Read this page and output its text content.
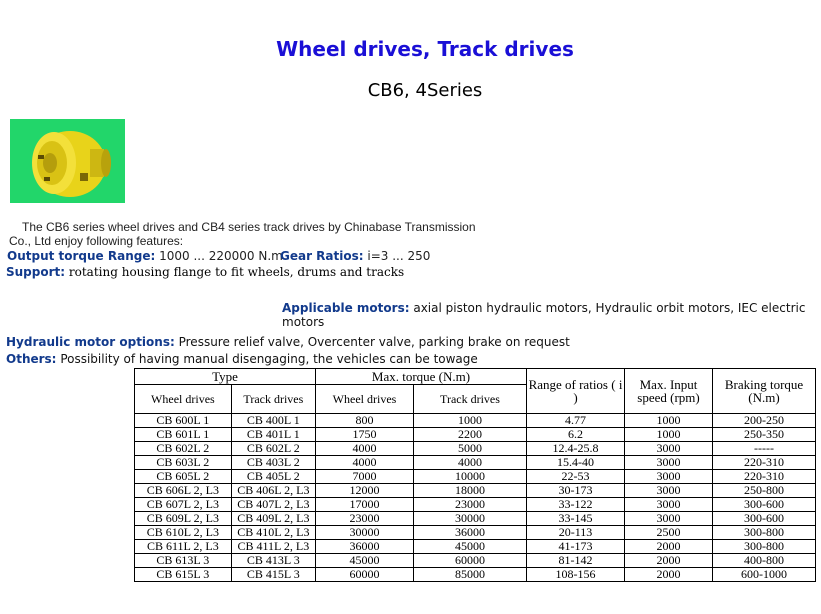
Wheel drives, Track drives
CB6, 4Series
The CB6 series wheel drives and CB4 series track drives by Chinabase Transmission Co., Ltd enjoy following features:
Output torque Range: 1000 ... 220000 N.m
Gear Ratios: i=3 ... 250
Support: rotating housing flange to fit wheels, drums and tracks
Applicable motors: axial piston hydraulic motors, Hydraulic orbit motors, IEC electric motors
Hydraulic motor options: Pressure relief valve, Overcenter valve, parking brake on request
Others: Possibility of having manual disengaging, the vehicles can be towage
Type		Max. torque (N.m)		Range of ratios ( i )	Max. Input speed (rpm)	Braking torque (N.m)
Wheel drives	Track drives	Wheel drives	Track drives			
CB 600L 1	CB 400L 1	800	1000	4.77	1000	200-250
CB 601L 1	CB 401L 1	1750	2200	6.2	1000	250-350
CB 602L 2	CB 602L 2	4000	5000	12.4-25.8	3000	-----
CB 603L 2	CB 403L 2	4000	4000	15.4-40	3000	220-310
CB 605L 2	CB 405L 2	7000	10000	22-53	3000	220-310
CB 606L 2, L3	CB 406L 2, L3	12000	18000	30-173	3000	250-800
CB 607L 2, L3	CB 407L 2, L3	17000	23000	33-122	3000	300-600
CB 609L 2, L3	CB 409L 2, L3	23000	30000	33-145	3000	300-600
CB 610L 2, L3	CB 410L 2, L3	30000	36000	20-113	2500	300-800
CB 611L 2, L3	CB 411L 2, L3	36000	45000	41-173	2000	300-800
CB 613L 3	CB 413L 3	45000	60000	81-142	2000	400-800
CB 615L 3	CB 415L 3	60000	85000	108-156	2000	600-1000
